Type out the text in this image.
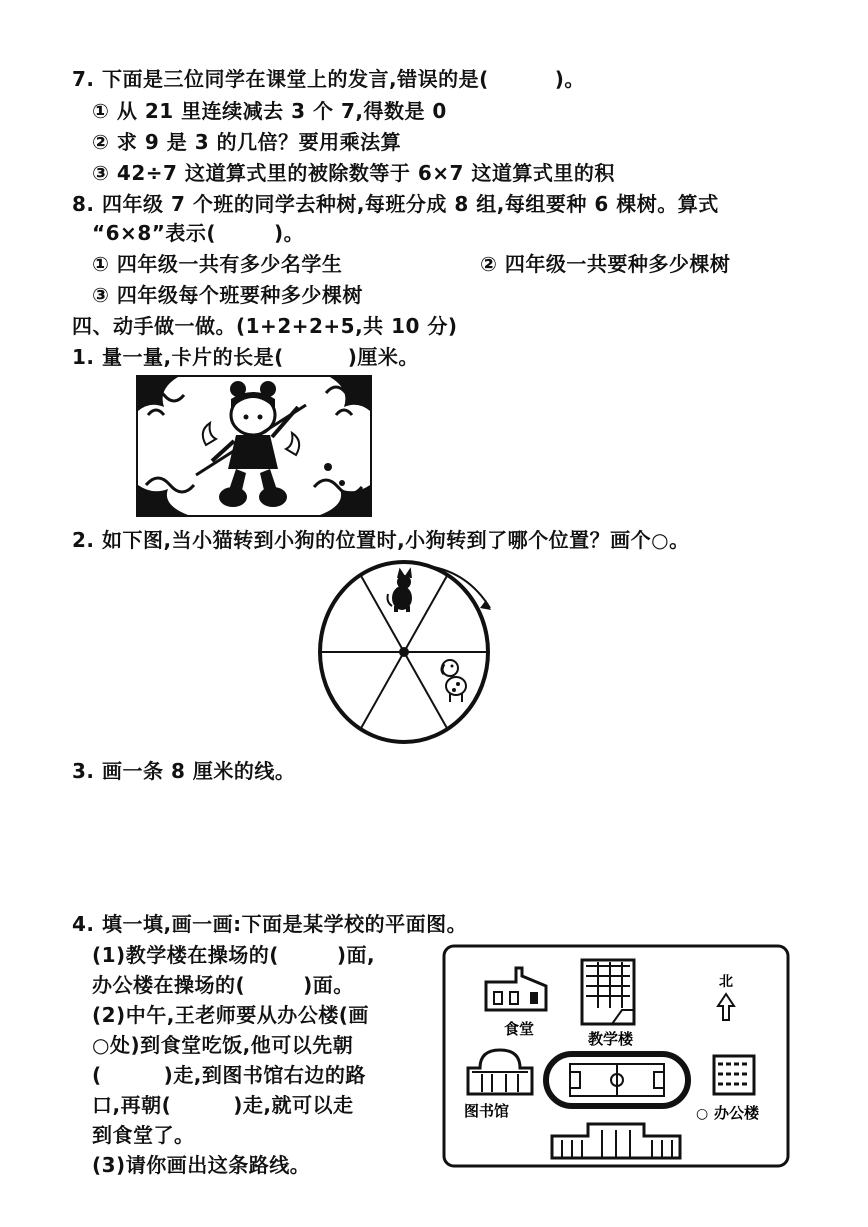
7. 下面是三位同学在课堂上的发言,错误的是(	)。
① 从 21 里连续减去 3 个 7,得数是 0
② 求 9 是 3 的几倍？要用乘法算
③ 42÷7 这道算式里的被除数等于 6×7 这道算式里的积
8. 四年级 7 个班的同学去种树,每班分成 8 组,每组要种 6 棵树。算式
“6×8”表示(	)。
① 四年级一共有多少名学生	② 四年级一共要种多少棵树
③ 四年级每个班要种多少棵树
四、动手做一做。(1+2+2+5,共 10 分)
1. 量一量,卡片的长是(	)厘米。
2. 如下图,当小猫转到小狗的位置时,小狗转到了哪个位置？画个○。
3. 画一条 8 厘米的线。
4. 填一填,画一画:下面是某学校的平面图。
(1)教学楼在操场的(	)面,
办公楼在操场的(	)面。
(2)中午,王老师要从办公楼(画
○处)到食堂吃饭,他可以先朝
(	)走,到图书馆右边的路
口,再朝(	)走,就可以走
到食堂了。
(3)请你画出这条路线。
食堂
教学楼
北
图书馆	○ 办公楼
